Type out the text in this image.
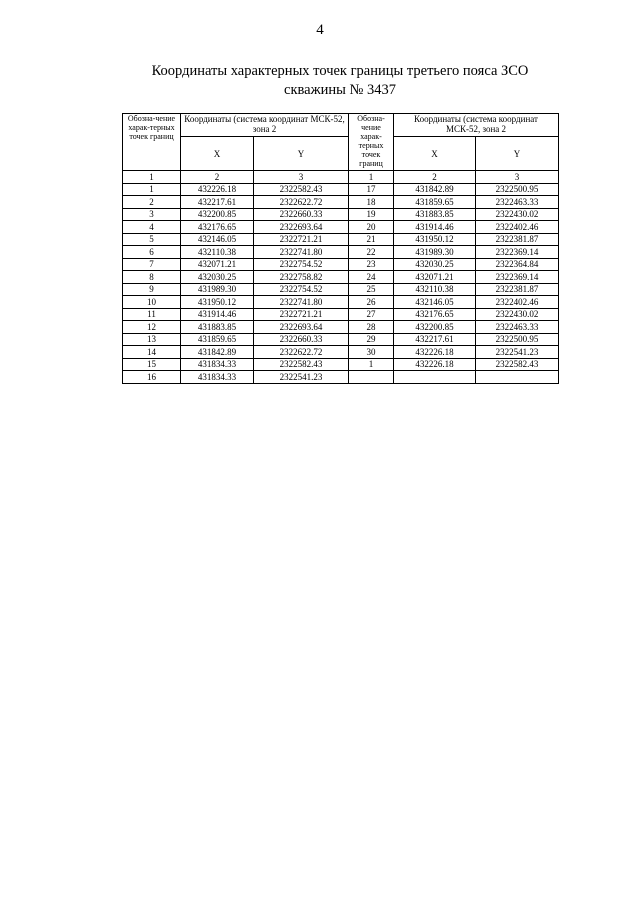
4
Координаты характерных точек границы третьего пояса ЗСО
скважины № 3437
Обозна-чение харак-терных точек границ	Координаты (система координат МСК-52, зона 2		Обозна-чение харак-терных точек границ	Координаты (система координат МСК-52, зона 2	
	X	Y		X	Y
1	2	3	1	2	3
1	432226.18	2322582.43	17	431842.89	2322500.95
2	432217.61	2322622.72	18	431859.65	2322463.33
3	432200.85	2322660.33	19	431883.85	2322430.02
4	432176.65	2322693.64	20	431914.46	2322402.46
5	432146.05	2322721.21	21	431950.12	2322381.87
6	432110.38	2322741.80	22	431989.30	2322369.14
7	432071.21	2322754.52	23	432030.25	2322364.84
8	432030.25	2322758.82	24	432071.21	2322369.14
9	431989.30	2322754.52	25	432110.38	2322381.87
10	431950.12	2322741.80	26	432146.05	2322402.46
11	431914.46	2322721.21	27	432176.65	2322430.02
12	431883.85	2322693.64	28	432200.85	2322463.33
13	431859.65	2322660.33	29	432217.61	2322500.95
14	431842.89	2322622.72	30	432226.18	2322541.23
15	431834.33	2322582.43	1	432226.18	2322582.43
16	431834.33	2322541.23			
